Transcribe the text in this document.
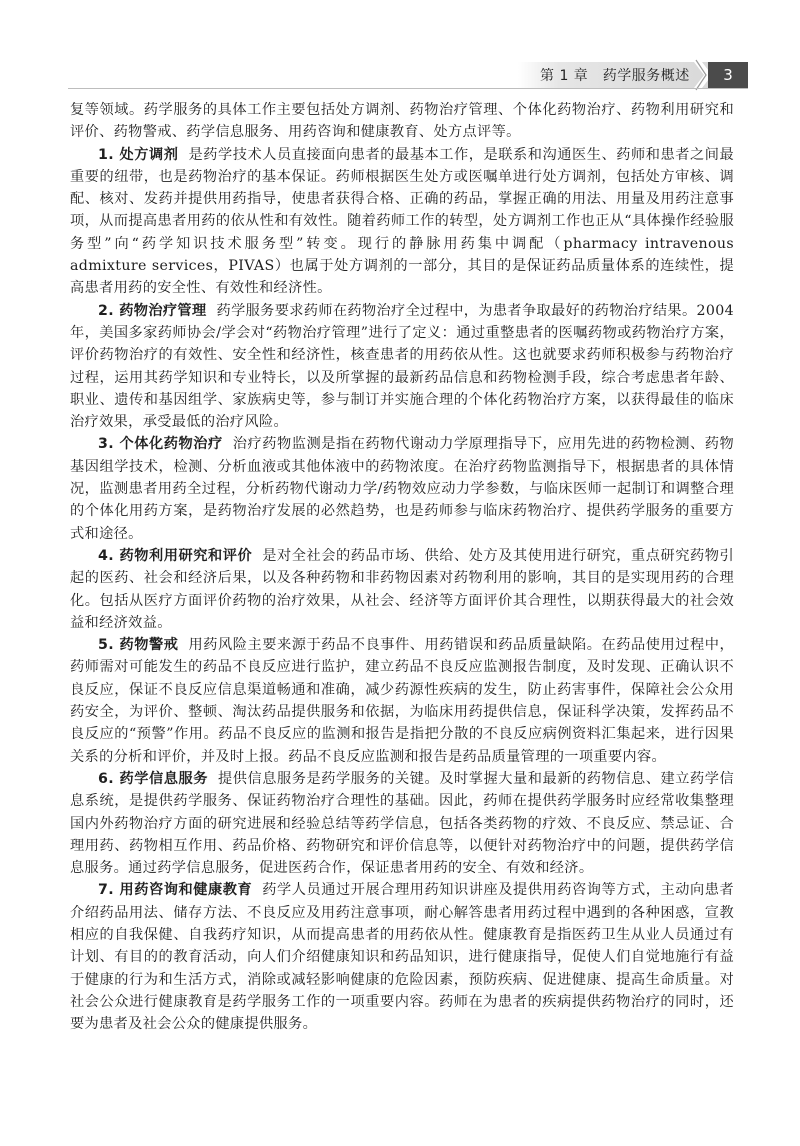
第 1 章　药学服务概述	3

复等领域。药学服务的具体工作主要包括处方调剂、药物治疗管理、个体化药物治疗、药物利用研究和评价、药物警戒、药学信息服务、用药咨询和健康教育、处方点评等。

1. 处方调剂 是药学技术人员直接面向患者的最基本工作，是联系和沟通医生、药师和患者之间最重要的纽带，也是药物治疗的基本保证。药师根据医生处方或医嘱单进行处方调剂，包括处方审核、调配、核对、发药并提供用药指导，使患者获得合格、正确的药品，掌握正确的用法、用量及用药注意事项，从而提高患者用药的依从性和有效性。随着药师工作的转型，处方调剂工作也正从“具体操作经验服务型”向“药学知识技术服务型”转变。现行的静脉用药集中调配（pharmacy intravenous admixture services，PIVAS）也属于处方调剂的一部分，其目的是保证药品质量体系的连续性，提高患者用药的安全性、有效性和经济性。

2. 药物治疗管理 药学服务要求药师在药物治疗全过程中，为患者争取最好的药物治疗结果。2004年，美国多家药师协会/学会对“药物治疗管理”进行了定义：通过重整患者的医嘱药物或药物治疗方案，评价药物治疗的有效性、安全性和经济性，核查患者的用药依从性。这也就要求药师积极参与药物治疗过程，运用其药学知识和专业特长，以及所掌握的最新药品信息和药物检测手段，综合考虑患者年龄、职业、遗传和基因组学、家族病史等，参与制订并实施合理的个体化药物治疗方案，以获得最佳的临床治疗效果，承受最低的治疗风险。

3. 个体化药物治疗 治疗药物监测是指在药物代谢动力学原理指导下，应用先进的药物检测、药物基因组学技术，检测、分析血液或其他体液中的药物浓度。在治疗药物监测指导下，根据患者的具体情况，监测患者用药全过程，分析药物代谢动力学/药物效应动力学参数，与临床医师一起制订和调整合理的个体化用药方案，是药物治疗发展的必然趋势，也是药师参与临床药物治疗、提供药学服务的重要方式和途径。

4. 药物利用研究和评价 是对全社会的药品市场、供给、处方及其使用进行研究，重点研究药物引起的医药、社会和经济后果，以及各种药物和非药物因素对药物利用的影响，其目的是实现用药的合理化。包括从医疗方面评价药物的治疗效果，从社会、经济等方面评价其合理性，以期获得最大的社会效益和经济效益。

5. 药物警戒 用药风险主要来源于药品不良事件、用药错误和药品质量缺陷。在药品使用过程中，药师需对可能发生的药品不良反应进行监护，建立药品不良反应监测报告制度，及时发现、正确认识不良反应，保证不良反应信息渠道畅通和准确，减少药源性疾病的发生，防止药害事件，保障社会公众用药安全，为评价、整顿、淘汰药品提供服务和依据，为临床用药提供信息，保证科学决策，发挥药品不良反应的“预警”作用。药品不良反应的监测和报告是指把分散的不良反应病例资料汇集起来，进行因果关系的分析和评价，并及时上报。药品不良反应监测和报告是药品质量管理的一项重要内容。

6. 药学信息服务 提供信息服务是药学服务的关键。及时掌握大量和最新的药物信息、建立药学信息系统，是提供药学服务、保证药物治疗合理性的基础。因此，药师在提供药学服务时应经常收集整理国内外药物治疗方面的研究进展和经验总结等药学信息，包括各类药物的疗效、不良反应、禁忌证、合理用药、药物相互作用、药品价格、药物研究和评价信息等，以便针对药物治疗中的问题，提供药学信息服务。通过药学信息服务，促进医药合作，保证患者用药的安全、有效和经济。

7. 用药咨询和健康教育 药学人员通过开展合理用药知识讲座及提供用药咨询等方式，主动向患者介绍药品用法、储存方法、不良反应及用药注意事项，耐心解答患者用药过程中遇到的各种困惑，宣教相应的自我保健、自我药疗知识，从而提高患者的用药依从性。健康教育是指医药卫生从业人员通过有计划、有目的的教育活动，向人们介绍健康知识和药品知识，进行健康指导，促使人们自觉地施行有益于健康的行为和生活方式，消除或减轻影响健康的危险因素，预防疾病、促进健康、提高生命质量。对社会公众进行健康教育是药学服务工作的一项重要内容。药师在为患者的疾病提供药物治疗的同时，还要为患者及社会公众的健康提供服务。
